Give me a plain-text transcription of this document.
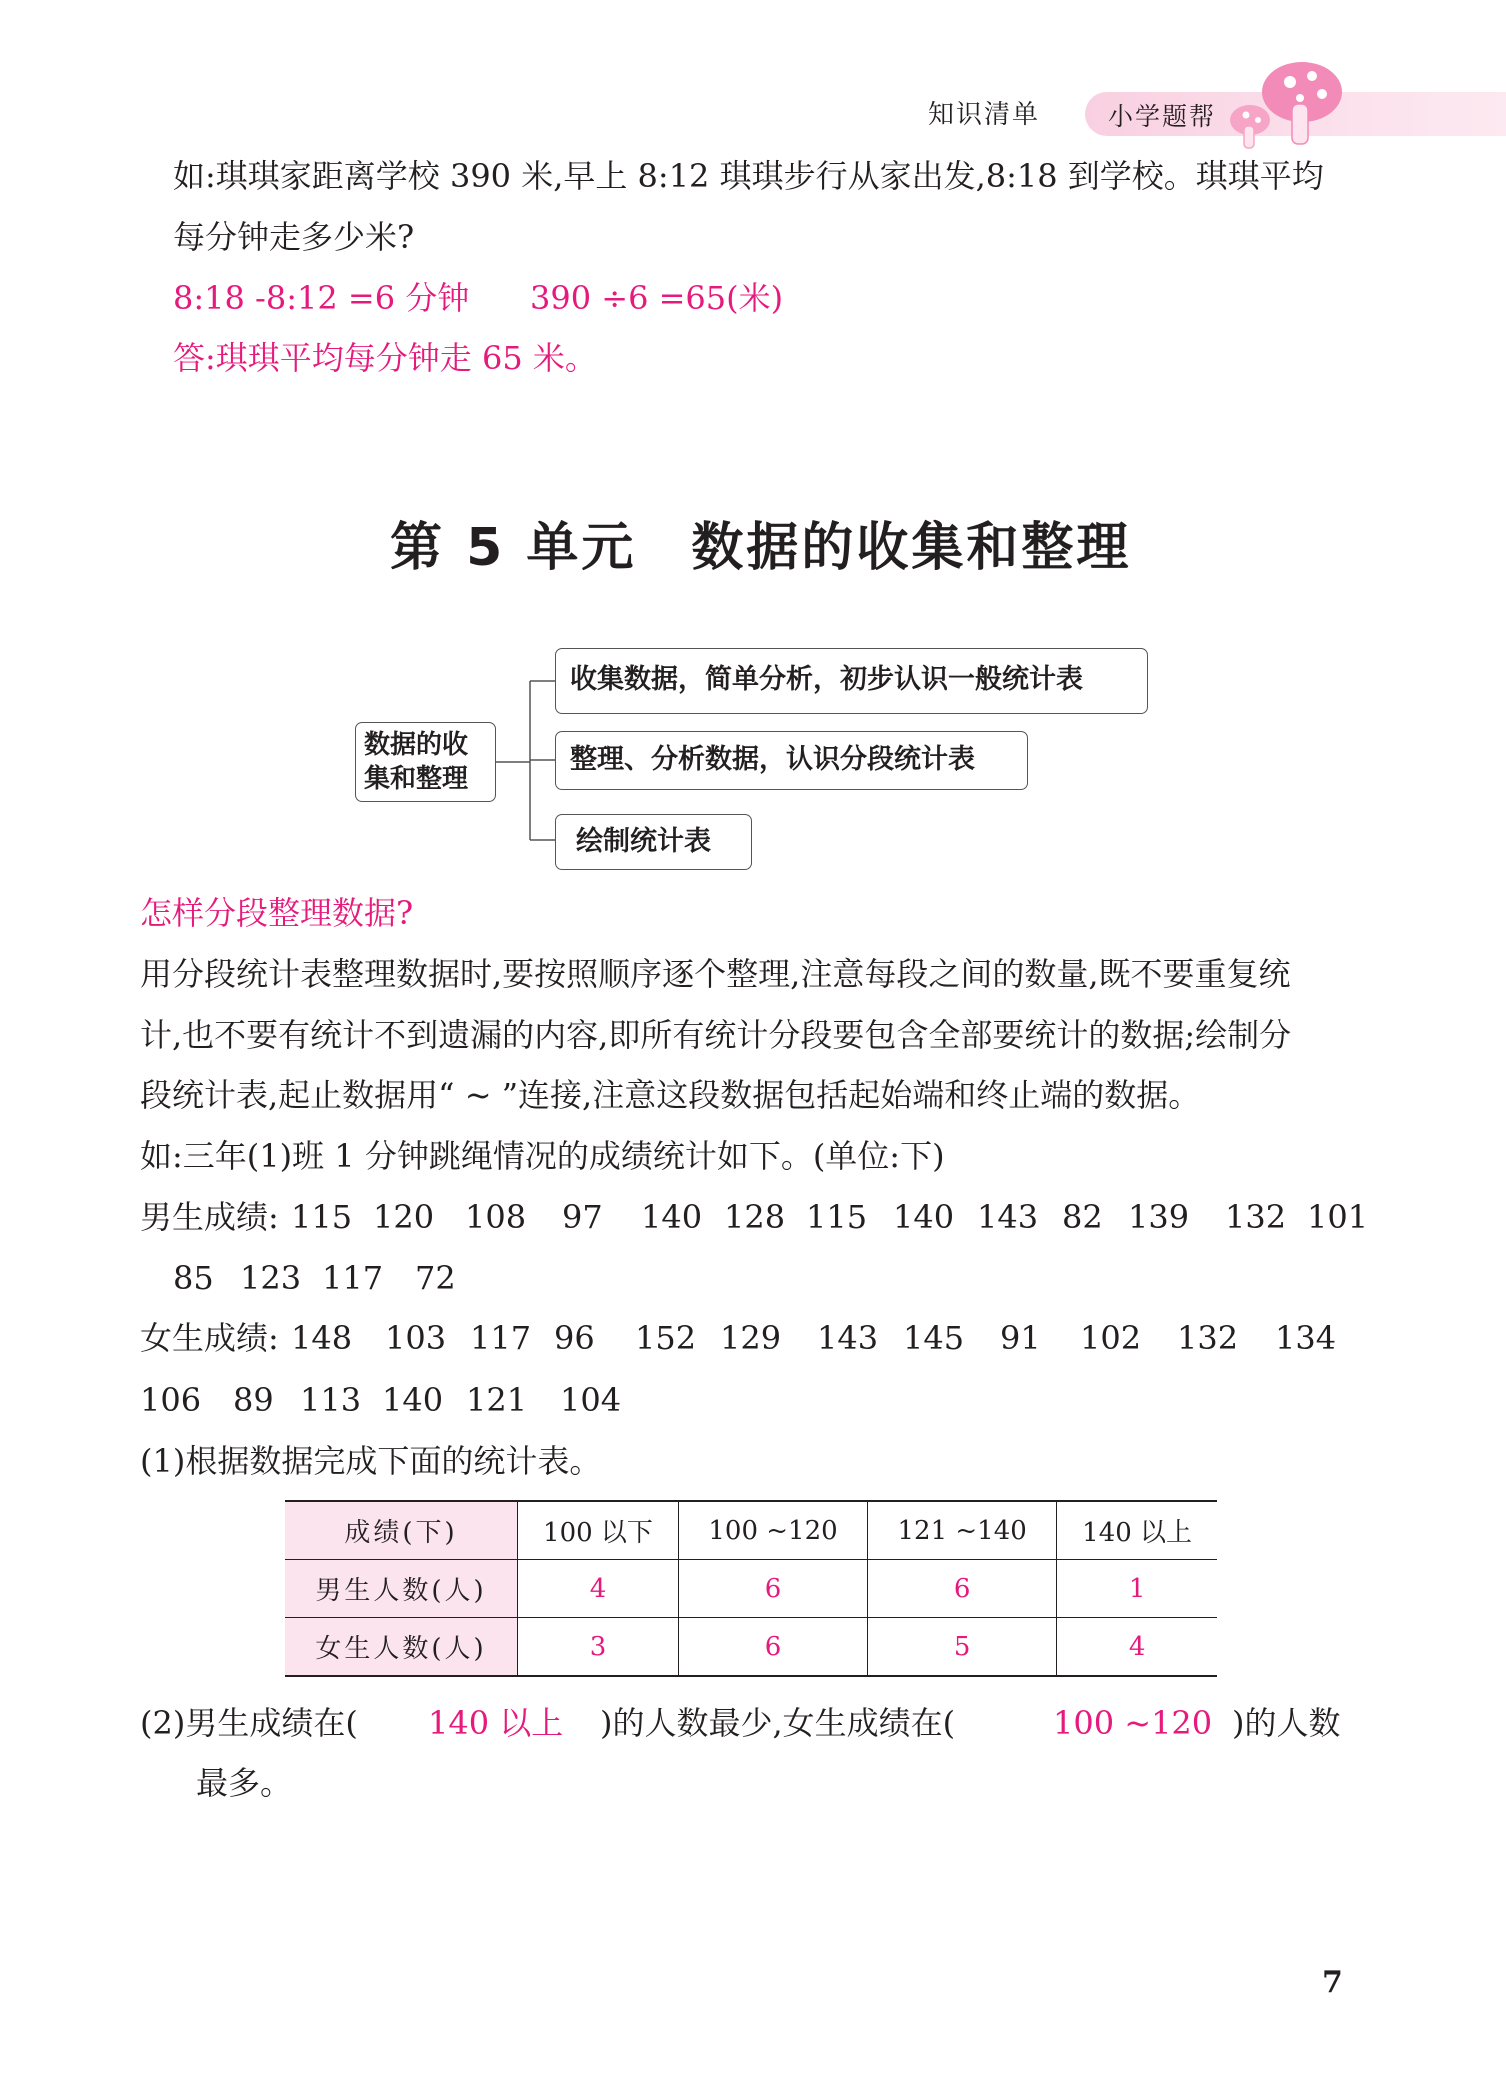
知识清单	小学题帮
如:琪琪家距离学校 390 米,早上 8:12 琪琪步行从家出发,8:18 到学校。琪琪平均
每分钟走多少米?
8:18 -8:12 =6 分钟 390 ÷6 =65(米)
答:琪琪平均每分钟走 65 米。
第 5 单元　数据的收集和整理
数据的收
集和整理
收集数据，简单分析，初步认识一般统计表
整理、分析数据，认识分段统计表
绘制统计表
怎样分段整理数据?
用分段统计表整理数据时,要按照顺序逐个整理,注意每段之间的数量,既不要重复统
计,也不要有统计不到遗漏的内容,即所有统计分段要包含全部要统计的数据;绘制分
段统计表,起止数据用“ ~ ”连接,注意这段数据包括起始端和终止端的数据。
如:三年(1)班 1 分钟跳绳情况的成绩统计如下。(单位:下)
男生成绩: 115 120 108 97 140 128 115 140 143 82 139 132 101
85 123 117 72
女生成绩: 148 103 117 96 152 129 143 145 91 102 132 134
106 89 113 140 121 104
(1)根据数据完成下面的统计表。
成绩(下)	100 以下	100 ~120	121 ~140	140 以上
男生人数(人)	4	6	6	1
女生人数(人)	3	6	5	4
(2)男生成绩在( 140 以上 )的人数最少,女生成绩在(	100 ~120 )的人数
最多。
7
